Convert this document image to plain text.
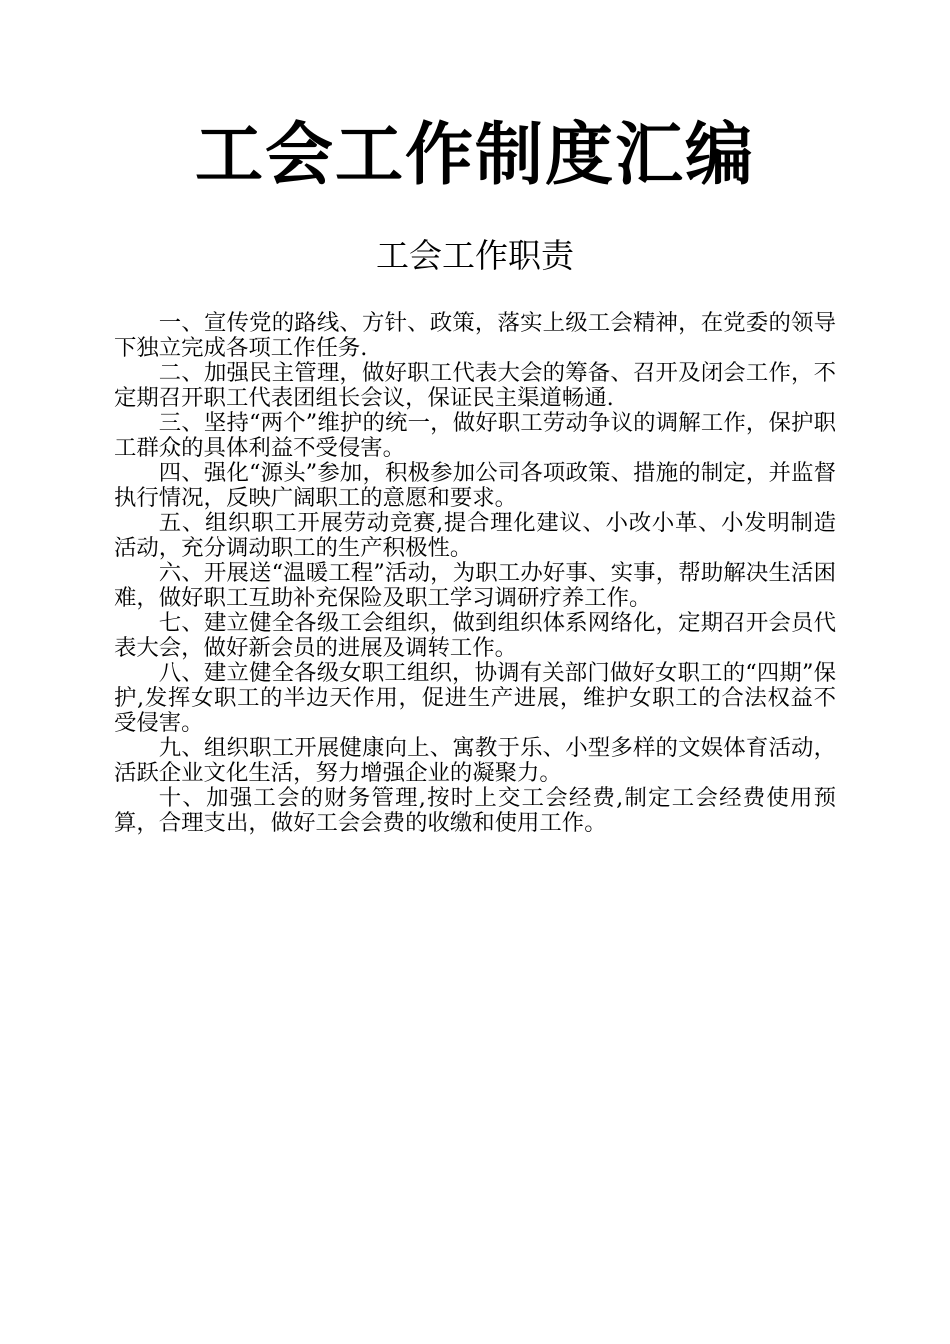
工会工作制度汇编
工会工作职责

一、宣传党的路线、方针、政策，落实上级工会精神，在党委的领导下独立完成各项工作任务.

二、加强民主管理，做好职工代表大会的筹备、召开及闭会工作，不定期召开职工代表团组长会议，保证民主渠道畅通.

三、坚持“两个”维护的统一，做好职工劳动争议的调解工作，保护职工群众的具体利益不受侵害。

四、强化“源头”参加，积极参加公司各项政策、措施的制定，并监督执行情况，反映广阔职工的意愿和要求。

五、组织职工开展劳动竞赛,提合理化建议、小改小革、小发明制造活动，充分调动职工的生产积极性。

六、开展送“温暖工程”活动，为职工办好事、实事，帮助解决生活困难，做好职工互助补充保险及职工学习调研疗养工作。

七、建立健全各级工会组织，做到组织体系网络化，定期召开会员代表大会，做好新会员的进展及调转工作。

八、建立健全各级女职工组织，协调有关部门做好女职工的“四期”保护,发挥女职工的半边天作用，促进生产进展，维护女职工的合法权益不受侵害。

九、组织职工开展健康向上、寓教于乐、小型多样的文娱体育活动，活跃企业文化生活，努力增强企业的凝聚力。

十、加强工会的财务管理,按时上交工会经费,制定工会经费使用预算，合理支出，做好工会会费的收缴和使用工作。
